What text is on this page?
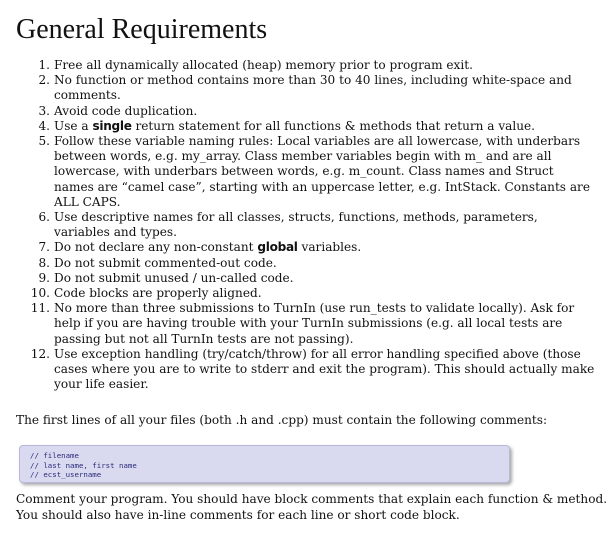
General Requirements
1. Free all dynamically allocated (heap) memory prior to program exit.
2. No function or method contains more than 30 to 40 lines, including white-space and comments.
3. Avoid code duplication.
4. Use a single return statement for all functions & methods that return a value.
5. Follow these variable naming rules: Local variables are all lowercase, with underbars between words, e.g. my_array. Class member variables begin with m_ and are all lowercase, with underbars between words, e.g. m_count. Class names and Struct names are “camel case”, starting with an uppercase letter, e.g. IntStack. Constants are ALL CAPS.
6. Use descriptive names for all classes, structs, functions, methods, parameters, variables and types.
7. Do not declare any non-constant global variables.
8. Do not submit commented-out code.
9. Do not submit unused / un-called code.
10. Code blocks are properly aligned.
11. No more than three submissions to TurnIn (use run_tests to validate locally). Ask for help if you are having trouble with your TurnIn submissions (e.g. all local tests are passing but not all TurnIn tests are not passing).
12. Use exception handling (try/catch/throw) for all error handling specified above (those cases where you are to write to stderr and exit the program). This should actually make your life easier.

The first lines of all your files (both .h and .cpp) must contain the following comments:

// filename
// last name, first name
// ecst_username

Comment your program. You should have block comments that explain each function & method.
You should also have in-line comments for each line or short code block.
